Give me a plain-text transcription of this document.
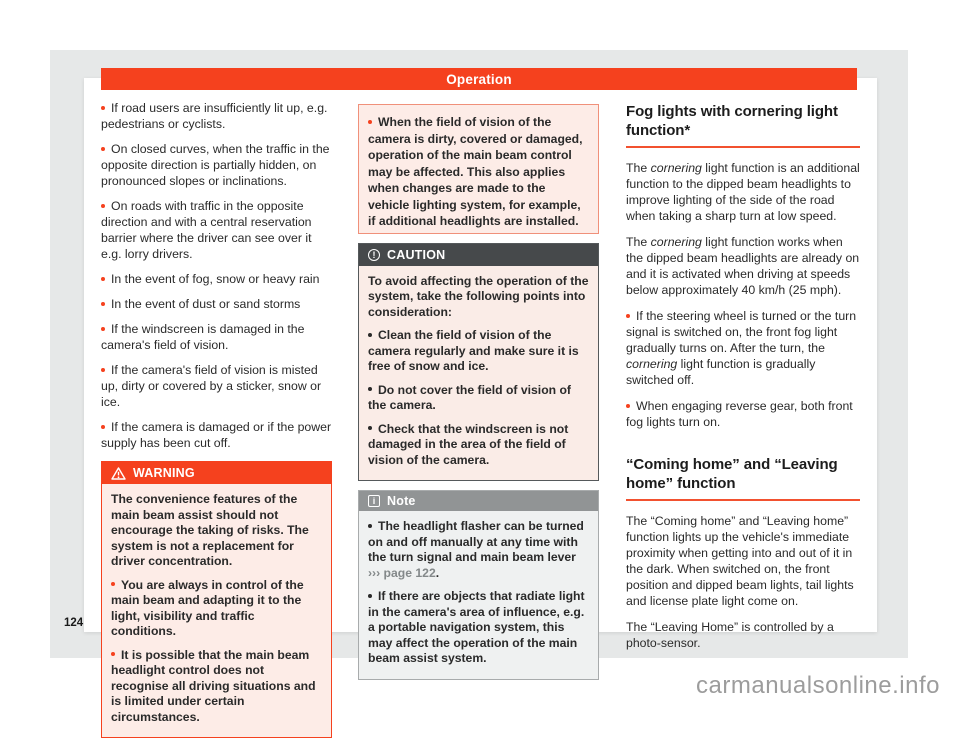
Operation
If road users are insufficiently lit up, e.g. pedestrians or cyclists.
On closed curves, when the traffic in the opposite direction is partially hidden, on pronounced slopes or inclinations.
On roads with traffic in the opposite direction and with a central reservation barrier where the driver can see over it e.g. lorry drivers.
In the event of fog, snow or heavy rain
In the event of dust or sand storms
If the windscreen is damaged in the camera's field of vision.
If the camera's field of vision is misted up, dirty or covered by a sticker, snow or ice.
If the camera is damaged or if the power supply has been cut off.
WARNING

The convenience features of the main beam assist should not encourage the taking of risks. The system is not a replacement for driver concentration.

You are always in control of the main beam and adapting it to the light, visibility and traffic conditions.
It is possible that the main beam headlight control does not recognise all driving situations and is limited under certain circumstances.

When the field of vision of the camera is dirty, covered or damaged, operation of the main beam control may be affected. This also applies when changes are made to the vehicle lighting system, for example, if additional headlights are installed.

! CAUTION

To avoid affecting the operation of the system, take the following points into consideration:

Clean the field of vision of the camera regularly and make sure it is free of snow and ice.
Do not cover the field of vision of the camera.
Check that the windscreen is not damaged in the area of the field of vision of the camera.
i Note
The headlight flasher can be turned on and off manually at any time with the turn signal and main beam lever ››› page 122.
If there are objects that radiate light in the camera's area of influence, e.g. a portable navigation system, this may affect the operation of the main beam assist system.
Fog lights with cornering light function*

The cornering light function is an additional function to the dipped beam headlights to improve lighting of the side of the road when taking a sharp turn at low speed.

The cornering light function works when the dipped beam headlights are already on and it is activated when driving at speeds below approximately 40 km/h (25 mph).

If the steering wheel is turned or the turn signal is switched on, the front fog light gradually turns on. After the turn, the cornering light function is gradually switched off.
When engaging reverse gear, both front fog lights turn on.
“Coming home” and “Leaving home” function

The “Coming home” and “Leaving home” function lights up the vehicle's immediate proximity when getting into and out of it in the dark. When switched on, the front position and dipped beam lights, tail lights and license plate light come on.

The “Leaving Home” is controlled by a photo-sensor.

124
carmanualsonline.info
